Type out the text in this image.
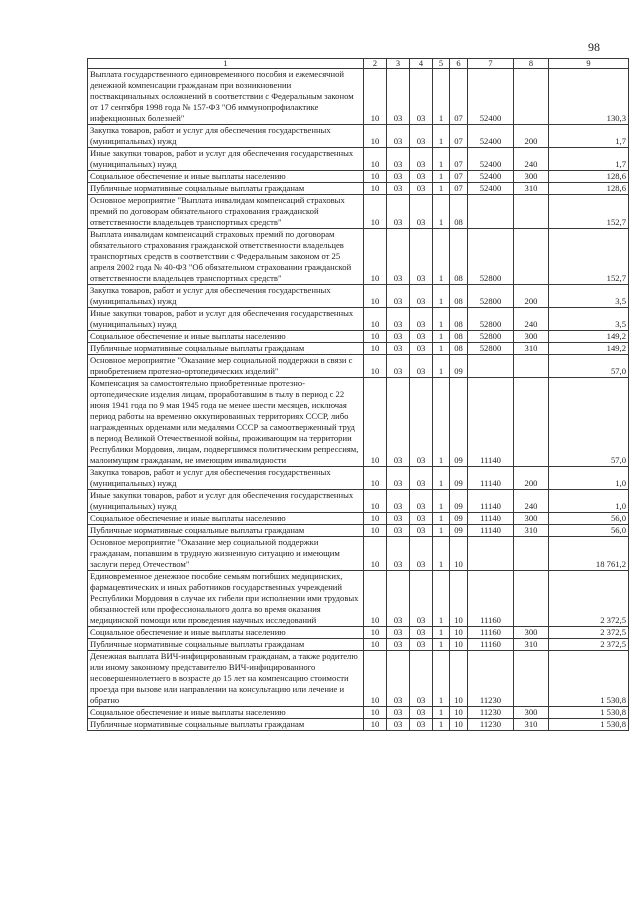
98
1	2	3	4	5	6	7	8	9
Выплата государственного единовременного пособия и ежемесячной денежной компенсации гражданам при возникновении поствакцинальных осложнений в соответствии с Федеральным законом от 17 сентября 1998 года № 157-ФЗ "Об иммунопрофилактике инфекционных болезней"	10	03	03	1	07	52400		130,3
Закупка товаров, работ и услуг для обеспечения государственных (муниципальных) нужд	10	03	03	1	07	52400	200	1,7
Иные закупки товаров, работ и услуг для обеспечения государственных (муниципальных) нужд	10	03	03	1	07	52400	240	1,7
Социальное обеспечение и иные выплаты населению	10	03	03	1	07	52400	300	128,6
Публичные нормативные социальные выплаты гражданам	10	03	03	1	07	52400	310	128,6
Основное мероприятие "Выплата инвалидам компенсаций страховых премий по договорам обязательного страхования гражданской ответственности владельцев транспортных средств"	10	03	03	1	08			152,7
Выплата инвалидам компенсаций страховых премий по договорам обязательного страхования гражданской ответственности владельцев транспортных средств в соответствии с Федеральным законом от 25 апреля 2002 года № 40-ФЗ "Об обязательном страховании гражданской ответственности владельцев транспортных средств"	10	03	03	1	08	52800		152,7
Закупка товаров, работ и услуг для обеспечения государственных (муниципальных) нужд	10	03	03	1	08	52800	200	3,5
Иные закупки товаров, работ и услуг для обеспечения государственных (муниципальных) нужд	10	03	03	1	08	52800	240	3,5
Социальное обеспечение и иные выплаты населению	10	03	03	1	08	52800	300	149,2
Публичные нормативные социальные выплаты гражданам	10	03	03	1	08	52800	310	149,2
Основное мероприятие "Оказание мер социальной поддержки в связи с приобретением протезно-ортопедических изделий"	10	03	03	1	09			57,0
Компенсация за самостоятельно приобретенные протезно-ортопедические изделия лицам, проработавшим в тылу в период с 22 июня 1941 года по 9 мая 1945 года не менее шести месяцев, исключая период работы на временно оккупированных территориях СССР, либо награжденных орденами или медалями СССР за самоотверженный труд в период Великой Отечественной войны, проживающим на территории Республики Мордовия, лицам, подвергшимся политическим репрессиям, малоимущим гражданам, не имеющим инвалидности	10	03	03	1	09	11140		57,0
Закупка товаров, работ и услуг для обеспечения государственных (муниципальных) нужд	10	03	03	1	09	11140	200	1,0
Иные закупки товаров, работ и услуг для обеспечения государственных (муниципальных) нужд	10	03	03	1	09	11140	240	1,0
Социальное обеспечение и иные выплаты населению	10	03	03	1	09	11140	300	56,0
Публичные нормативные социальные выплаты гражданам	10	03	03	1	09	11140	310	56,0
Основное мероприятие "Оказание мер социальной поддержки гражданам, попавшим в трудную жизненную ситуацию и имеющим заслуги перед Отечеством"	10	03	03	1	10			18 761,2
Единовременное денежное пособие семьям погибших медицинских, фармацевтических и иных работников государственных учреждений Республики Мордовия в случае их гибели при исполнении ими трудовых обязанностей или профессионального долга во время оказания медицинской помощи или проведения научных исследований	10	03	03	1	10	11160		2 372,5
Социальное обеспечение и иные выплаты населению	10	03	03	1	10	11160	300	2 372,5
Публичные нормативные социальные выплаты гражданам	10	03	03	1	10	11160	310	2 372,5
Денежная выплата ВИЧ-инфицированным гражданам, а также родителю или иному законному представителю ВИЧ-инфицированного несовершеннолетнего в возрасте до 15 лет на компенсацию стоимости проезда при вызове или направлении на консультацию или лечение и обратно	10	03	03	1	10	11230		1 530,8
Социальное обеспечение и иные выплаты населению	10	03	03	1	10	11230	300	1 530,8
Публичные нормативные социальные выплаты гражданам	10	03	03	1	10	11230	310	1 530,8
